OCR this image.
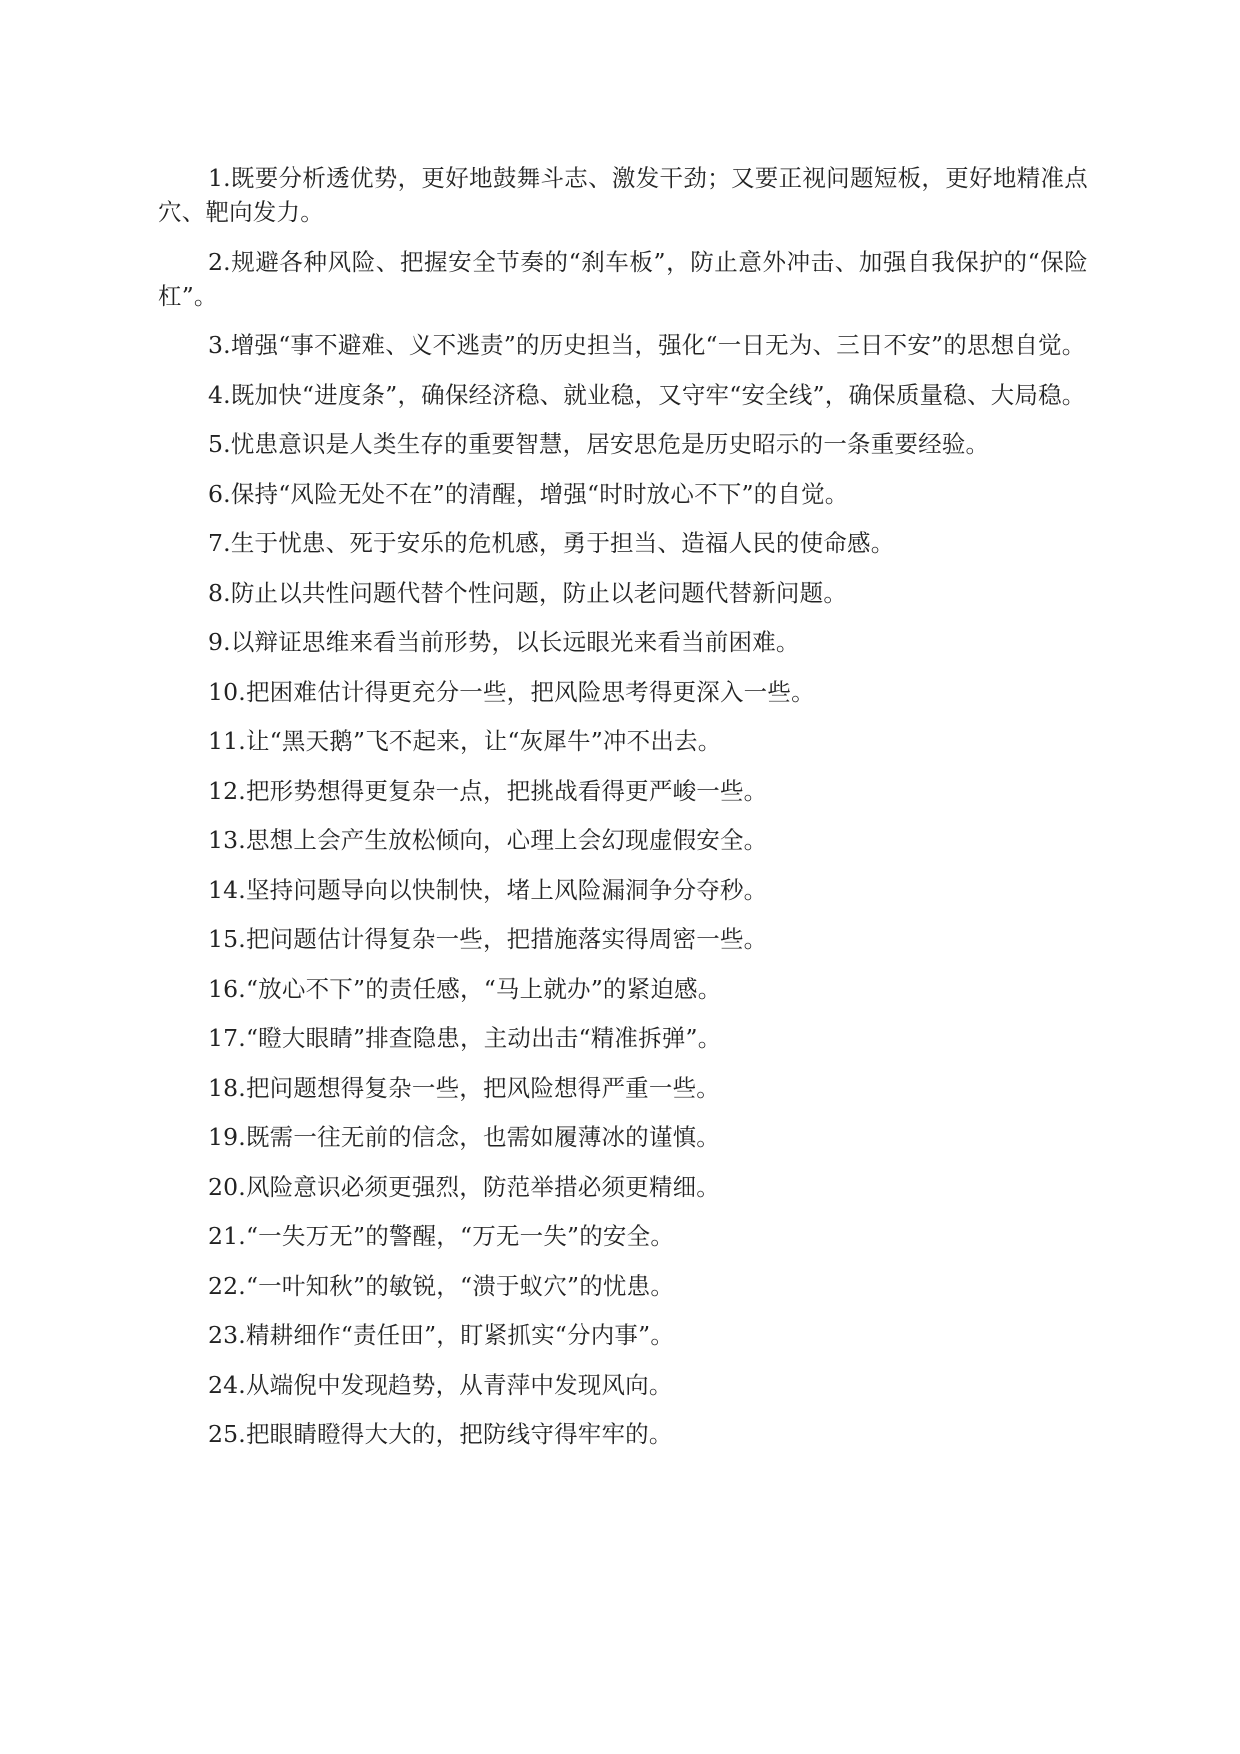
1.既要分析透优势，更好地鼓舞斗志、激发干劲；又要正视问题短板，更好地精准点穴、靶向发力。

2.规避各种风险、把握安全节奏的“刹车板”，防止意外冲击、加强自我保护的“保险杠”。

3.增强“事不避难、义不逃责”的历史担当，强化“一日无为、三日不安”的思想自觉。

4.既加快“进度条”，确保经济稳、就业稳，又守牢“安全线”，确保质量稳、大局稳。

5.忧患意识是人类生存的重要智慧，居安思危是历史昭示的一条重要经验。

6.保持“风险无处不在”的清醒，增强“时时放心不下”的自觉。

7.生于忧患、死于安乐的危机感，勇于担当、造福人民的使命感。

8.防止以共性问题代替个性问题，防止以老问题代替新问题。

9.以辩证思维来看当前形势，以长远眼光来看当前困难。

10.把困难估计得更充分一些，把风险思考得更深入一些。

11.让“黑天鹅”飞不起来，让“灰犀牛”冲不出去。

12.把形势想得更复杂一点，把挑战看得更严峻一些。

13.思想上会产生放松倾向，心理上会幻现虚假安全。

14.坚持问题导向以快制快，堵上风险漏洞争分夺秒。

15.把问题估计得复杂一些，把措施落实得周密一些。

16.“放心不下”的责任感，“马上就办”的紧迫感。

17.“瞪大眼睛”排查隐患，主动出击“精准拆弹”。

18.把问题想得复杂一些，把风险想得严重一些。

19.既需一往无前的信念，也需如履薄冰的谨慎。

20.风险意识必须更强烈，防范举措必须更精细。

21.“一失万无”的警醒，“万无一失”的安全。

22.“一叶知秋”的敏锐，“溃于蚁穴”的忧患。

23.精耕细作“责任田”，盯紧抓实“分内事”。

24.从端倪中发现趋势，从青萍中发现风向。

25.把眼睛瞪得大大的，把防线守得牢牢的。
